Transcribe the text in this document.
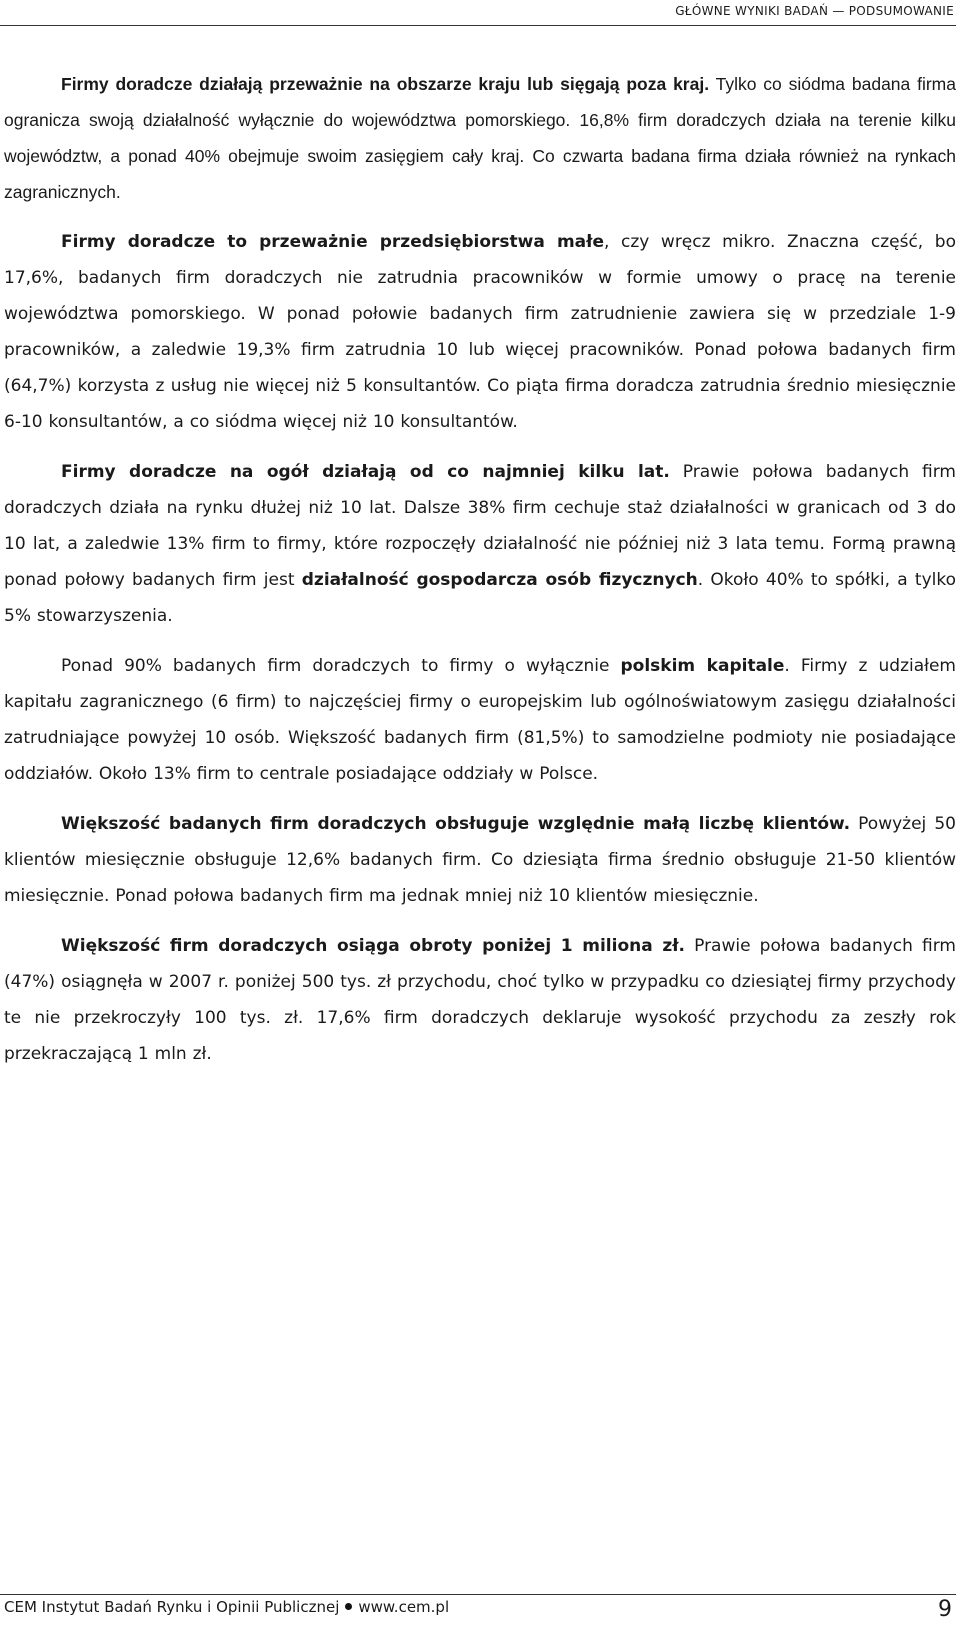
GŁÓWNE WYNIKI BADAŃ — PODSUMOWANIE

Firmy doradcze działają przeważnie na obszarze kraju lub sięgają poza kraj. Tylko co siódma badana firma ogranicza swoją działalność wyłącznie do województwa pomorskiego. 16,8% firm doradczych działa na terenie kilku województw, a ponad 40% obejmuje swoim zasięgiem cały kraj. Co czwarta badana firma działa również na rynkach zagranicznych.

Firmy doradcze to przeważnie przedsiębiorstwa małe, czy wręcz mikro. Znaczna część, bo 17,6%, badanych firm doradczych nie zatrudnia pracowników w formie umowy o pracę na terenie województwa pomorskiego. W ponad połowie badanych firm zatrudnienie zawiera się w przedziale 1-9 pracowników, a zaledwie 19,3% firm zatrudnia 10 lub więcej pracowników. Ponad połowa badanych firm (64,7%) korzysta z usług nie więcej niż 5 konsultantów. Co piąta firma doradcza zatrudnia średnio miesięcznie 6-10 konsultantów, a co siódma więcej niż 10 konsultantów.

Firmy doradcze na ogół działają od co najmniej kilku lat. Prawie połowa badanych firm doradczych działa na rynku dłużej niż 10 lat. Dalsze 38% firm cechuje staż działalności w granicach od 3 do 10 lat, a zaledwie 13% firm to firmy, które rozpoczęły działalność nie później niż 3 lata temu. Formą prawną ponad połowy badanych firm jest działalność gospodarcza osób fizycznych. Około 40% to spółki, a tylko 5% stowarzyszenia.

Ponad 90% badanych firm doradczych to firmy o wyłącznie polskim kapitale. Firmy z udziałem kapitału zagranicznego (6 firm) to najczęściej firmy o europejskim lub ogólnoświatowym zasięgu działalności zatrudniające powyżej 10 osób. Większość badanych firm (81,5%) to samodzielne podmioty nie posiadające oddziałów. Około 13% firm to centrale posiadające oddziały w Polsce.

Większość badanych firm doradczych obsługuje względnie małą liczbę klientów. Powyżej 50 klientów miesięcznie obsługuje 12,6% badanych firm. Co dziesiąta firma średnio obsługuje 21-50 klientów miesięcznie. Ponad połowa badanych firm ma jednak mniej niż 10 klientów miesięcznie.

Większość firm doradczych osiąga obroty poniżej 1 miliona zł. Prawie połowa badanych firm (47%) osiągnęła w 2007 r. poniżej 500 tys. zł przychodu, choć tylko w przypadku co dziesiątej firmy przychody te nie przekroczyły 100 tys. zł. 17,6% firm doradczych deklaruje wysokość przychodu za zeszły rok przekraczającą 1 mln zł.

CEM Instytut Badań Rynku i Opinii Publicznej www.cem.pl	9
